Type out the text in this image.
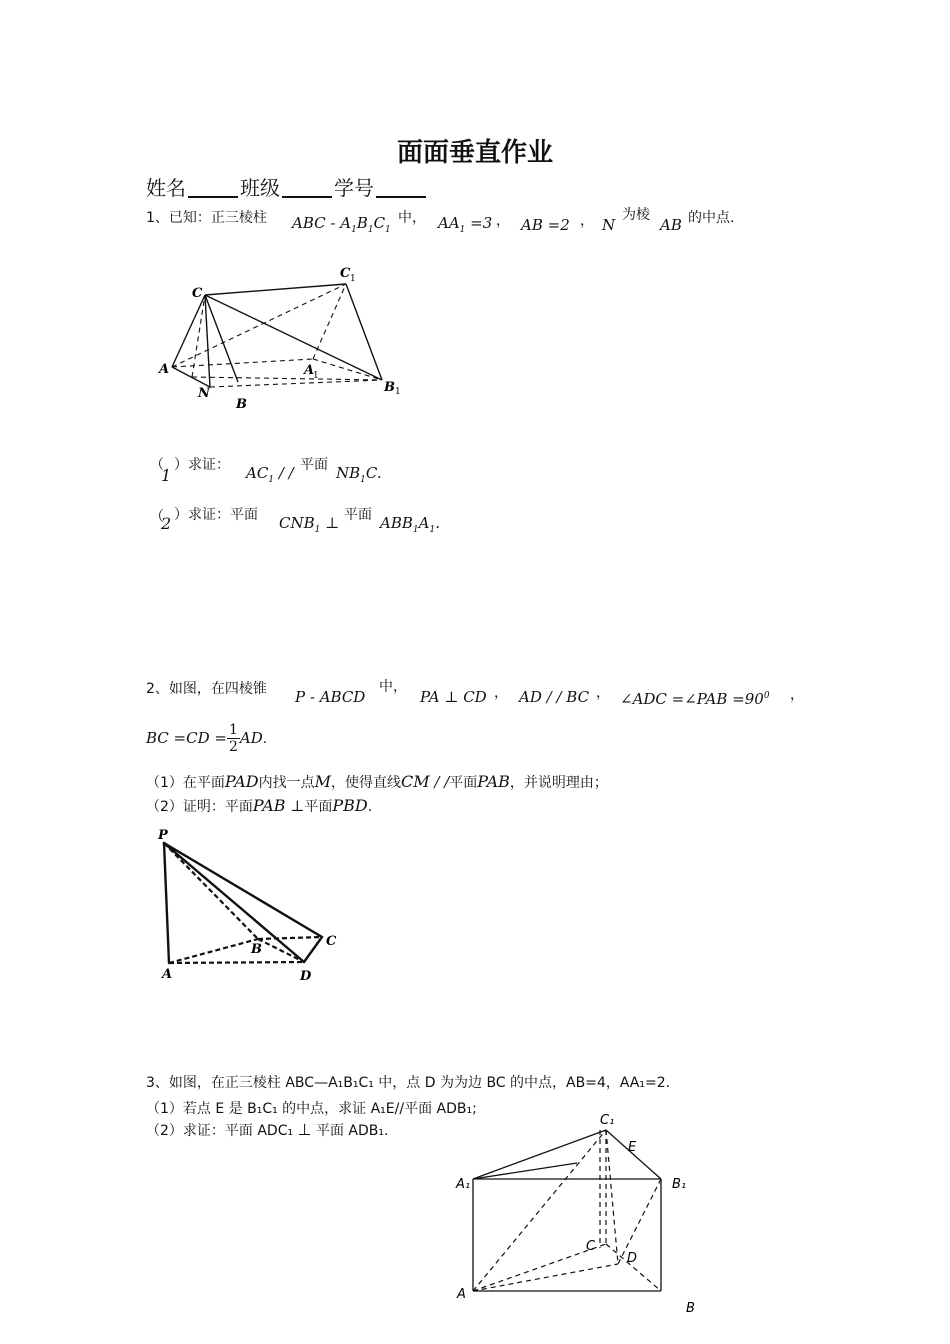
面面垂直作业
姓名	班级	学号
1、已知：正三棱柱 ABC - $A_1B_1C_1$
中， $AA_1 =3$ ， AB =2 ， N
为棱
AB 的中点.
C
C 1
A	A
1
N
B
B 1
（
1
）求证： $AC_1$ / / 平面 $NB_1C$.
（
2 ）求证：平面 $CNB_1$ ⊥ 平面 $ABB_1A_1$.
2、如图，在四棱锥 P - ABCD
中，
PA ⊥ CD ， AD / / BC ， ∠ADC =∠PAB $=90^0$ ，
BC $=CD = \frac{1}{2}$ AD.
（1）在平面PAD内找一点M，使得直线CM / /平面PAB，并说明理由；
（2）证明：平面PAB ⊥平面PBD.
P
A
B
C
D
3、如图，在正三棱柱 ABC—A₁B₁C₁ 中，点 D 为为边 BC 的中点，AB=4，AA₁=2.
（1）若点 E 是 B₁C₁ 的中点，求证 A₁E//平面 ADB₁;
（2）求证：平面 ADC₁ ⊥ 平面 ADB₁.
C₁
E
A₁	B₁
C
D
A
B
